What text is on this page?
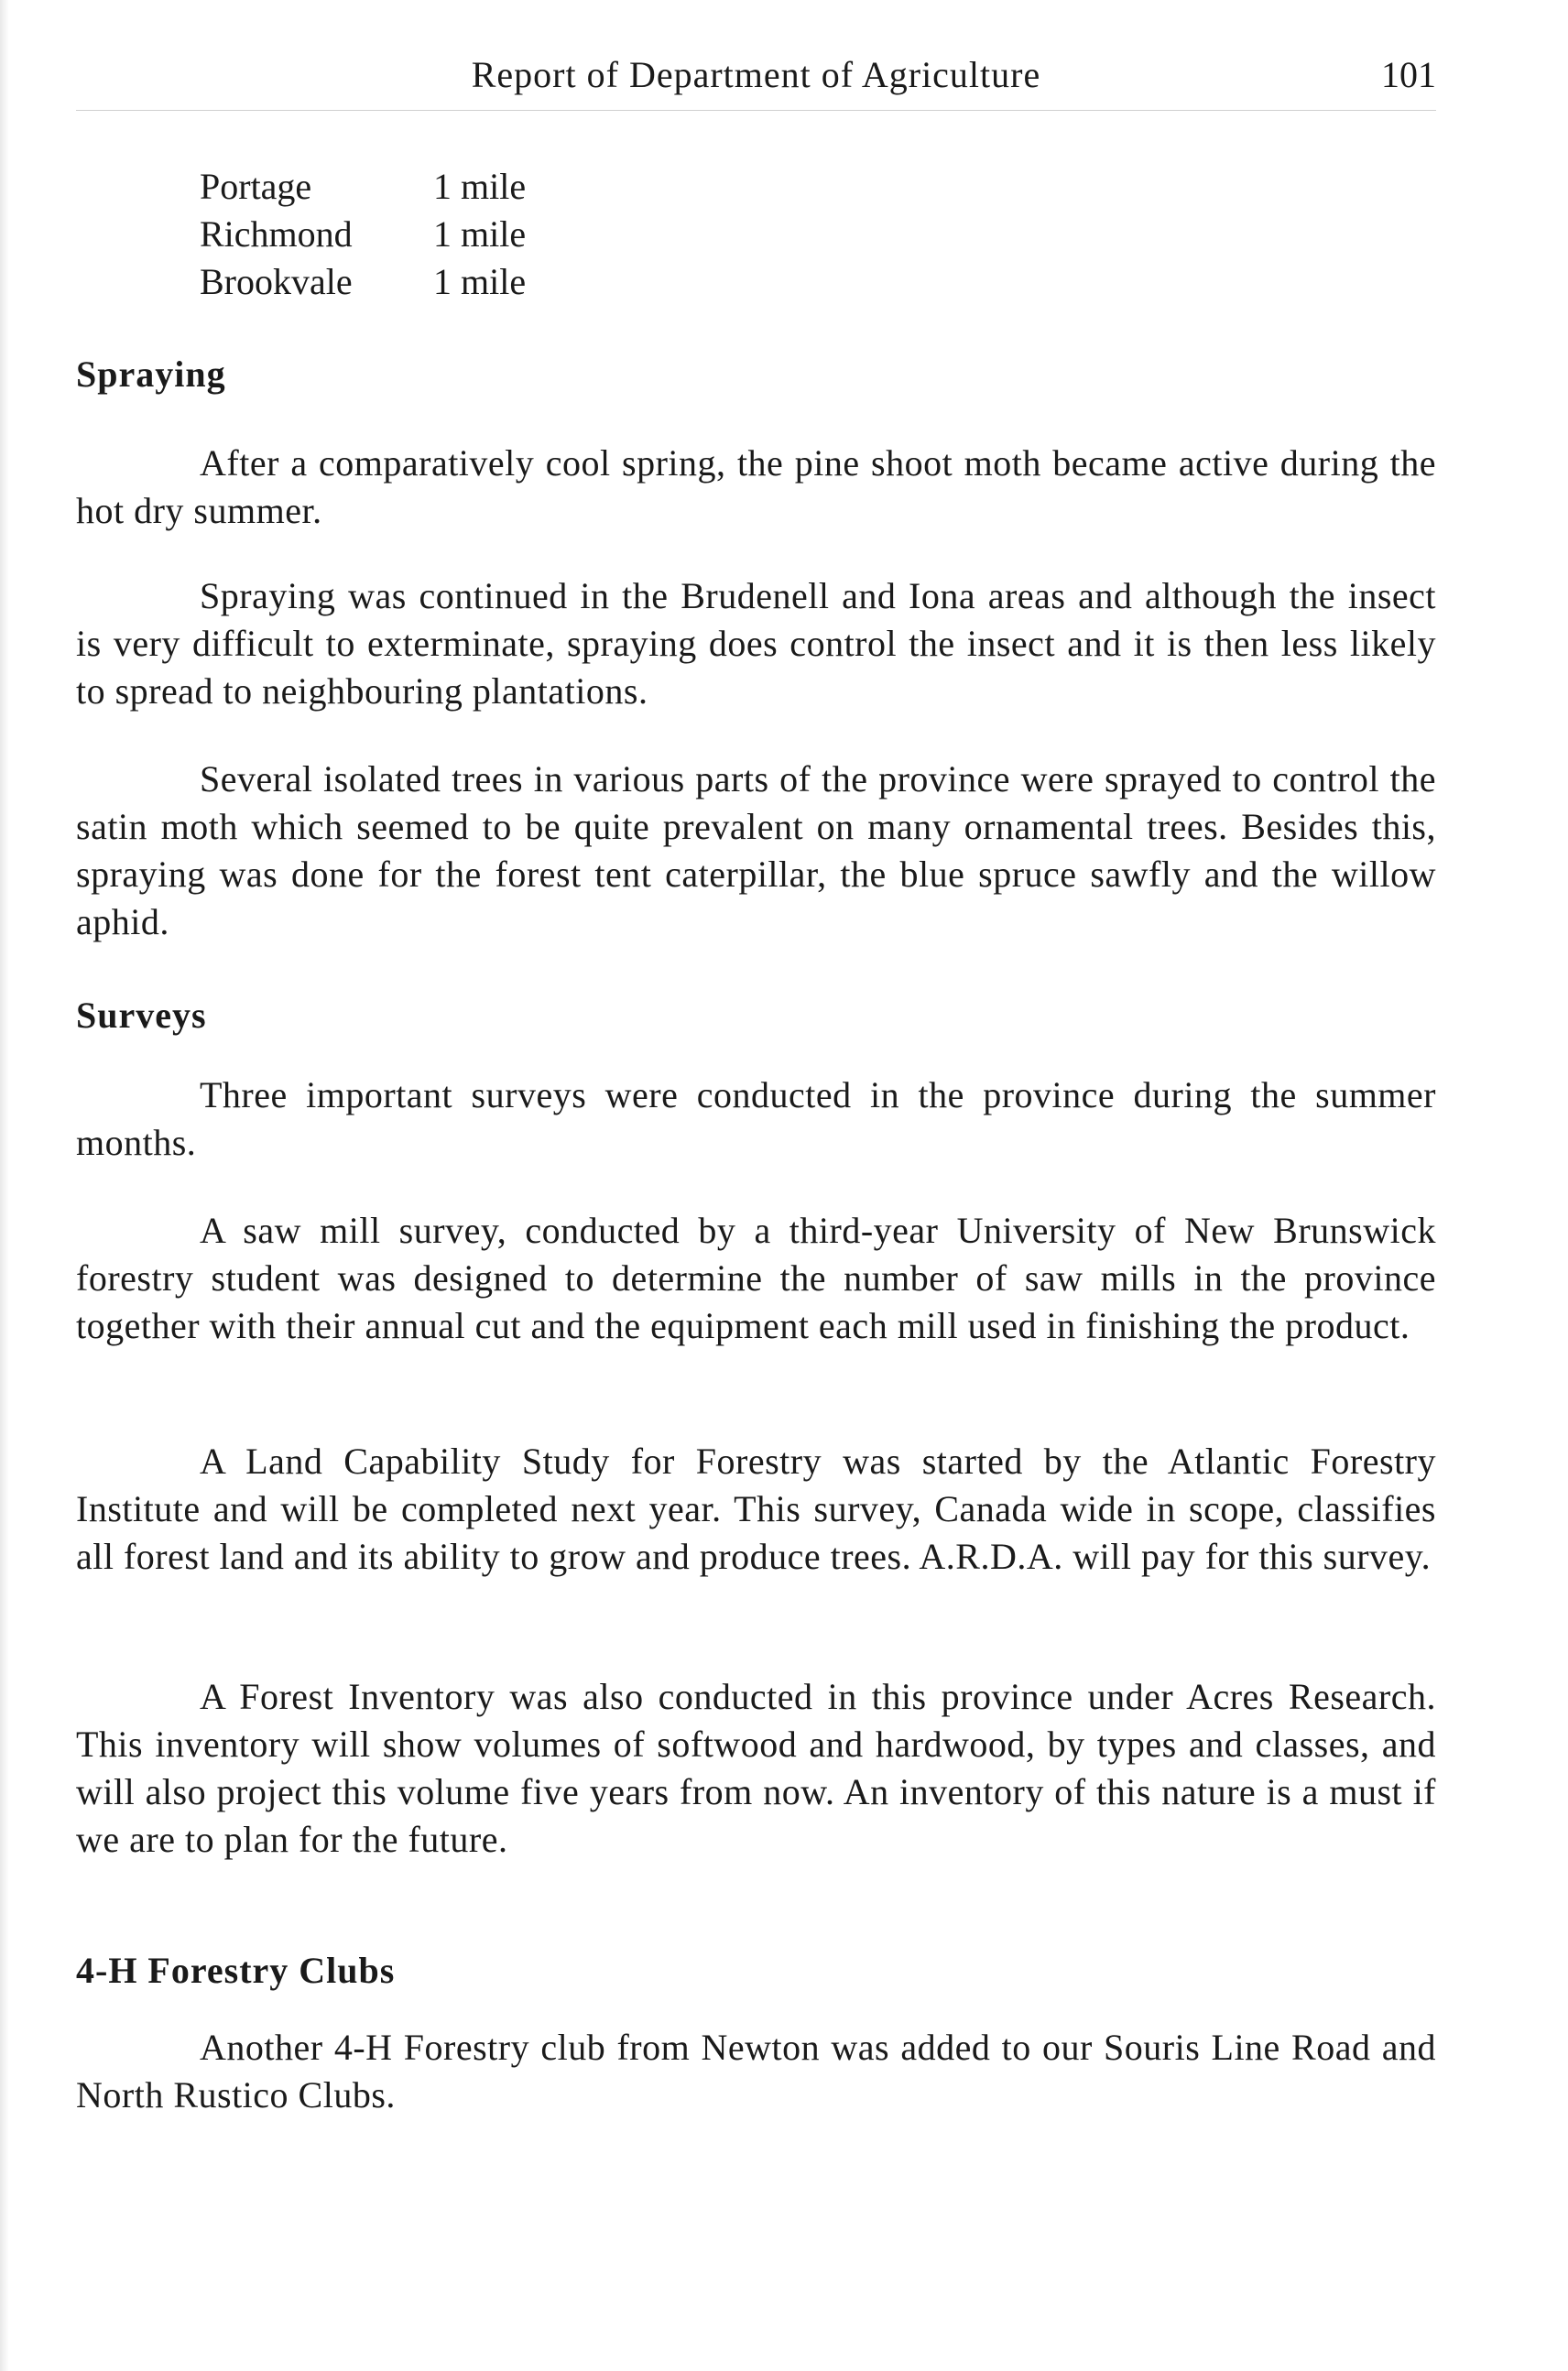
Report of Department of Agriculture	101
Portage	1 mile
Richmond	1 mile
Brookvale	1 mile
Spraying

After a comparatively cool spring, the pine shoot moth became active during the hot dry summer.

Spraying was continued in the Brudenell and Iona areas and although the insect is very difficult to exterminate, spraying does control the insect and it is then less likely to spread to neighbouring plantations.

Several isolated trees in various parts of the province were sprayed to control the satin moth which seemed to be quite prevalent on many ornamental trees. Besides this, spraying was done for the forest tent caterpillar, the blue spruce sawfly and the willow aphid.

Surveys

Three important surveys were conducted in the province during the summer months.

A saw mill survey, conducted by a third-year University of New Brunswick forestry student was designed to determine the number of saw mills in the province together with their annual cut and the equipment each mill used in finishing the product.

A Land Capability Study for Forestry was started by the Atlantic Forestry Institute and will be completed next year. This survey, Canada wide in scope, classifies all forest land and its ability to grow and produce trees. A.R.D.A. will pay for this survey.

A Forest Inventory was also conducted in this province under Acres Research. This inventory will show volumes of softwood and hardwood, by types and classes, and will also project this volume five years from now. An inventory of this nature is a must if we are to plan for the future.

4-H Forestry Clubs

Another 4-H Forestry club from Newton was added to our Souris Line Road and North Rustico Clubs.
